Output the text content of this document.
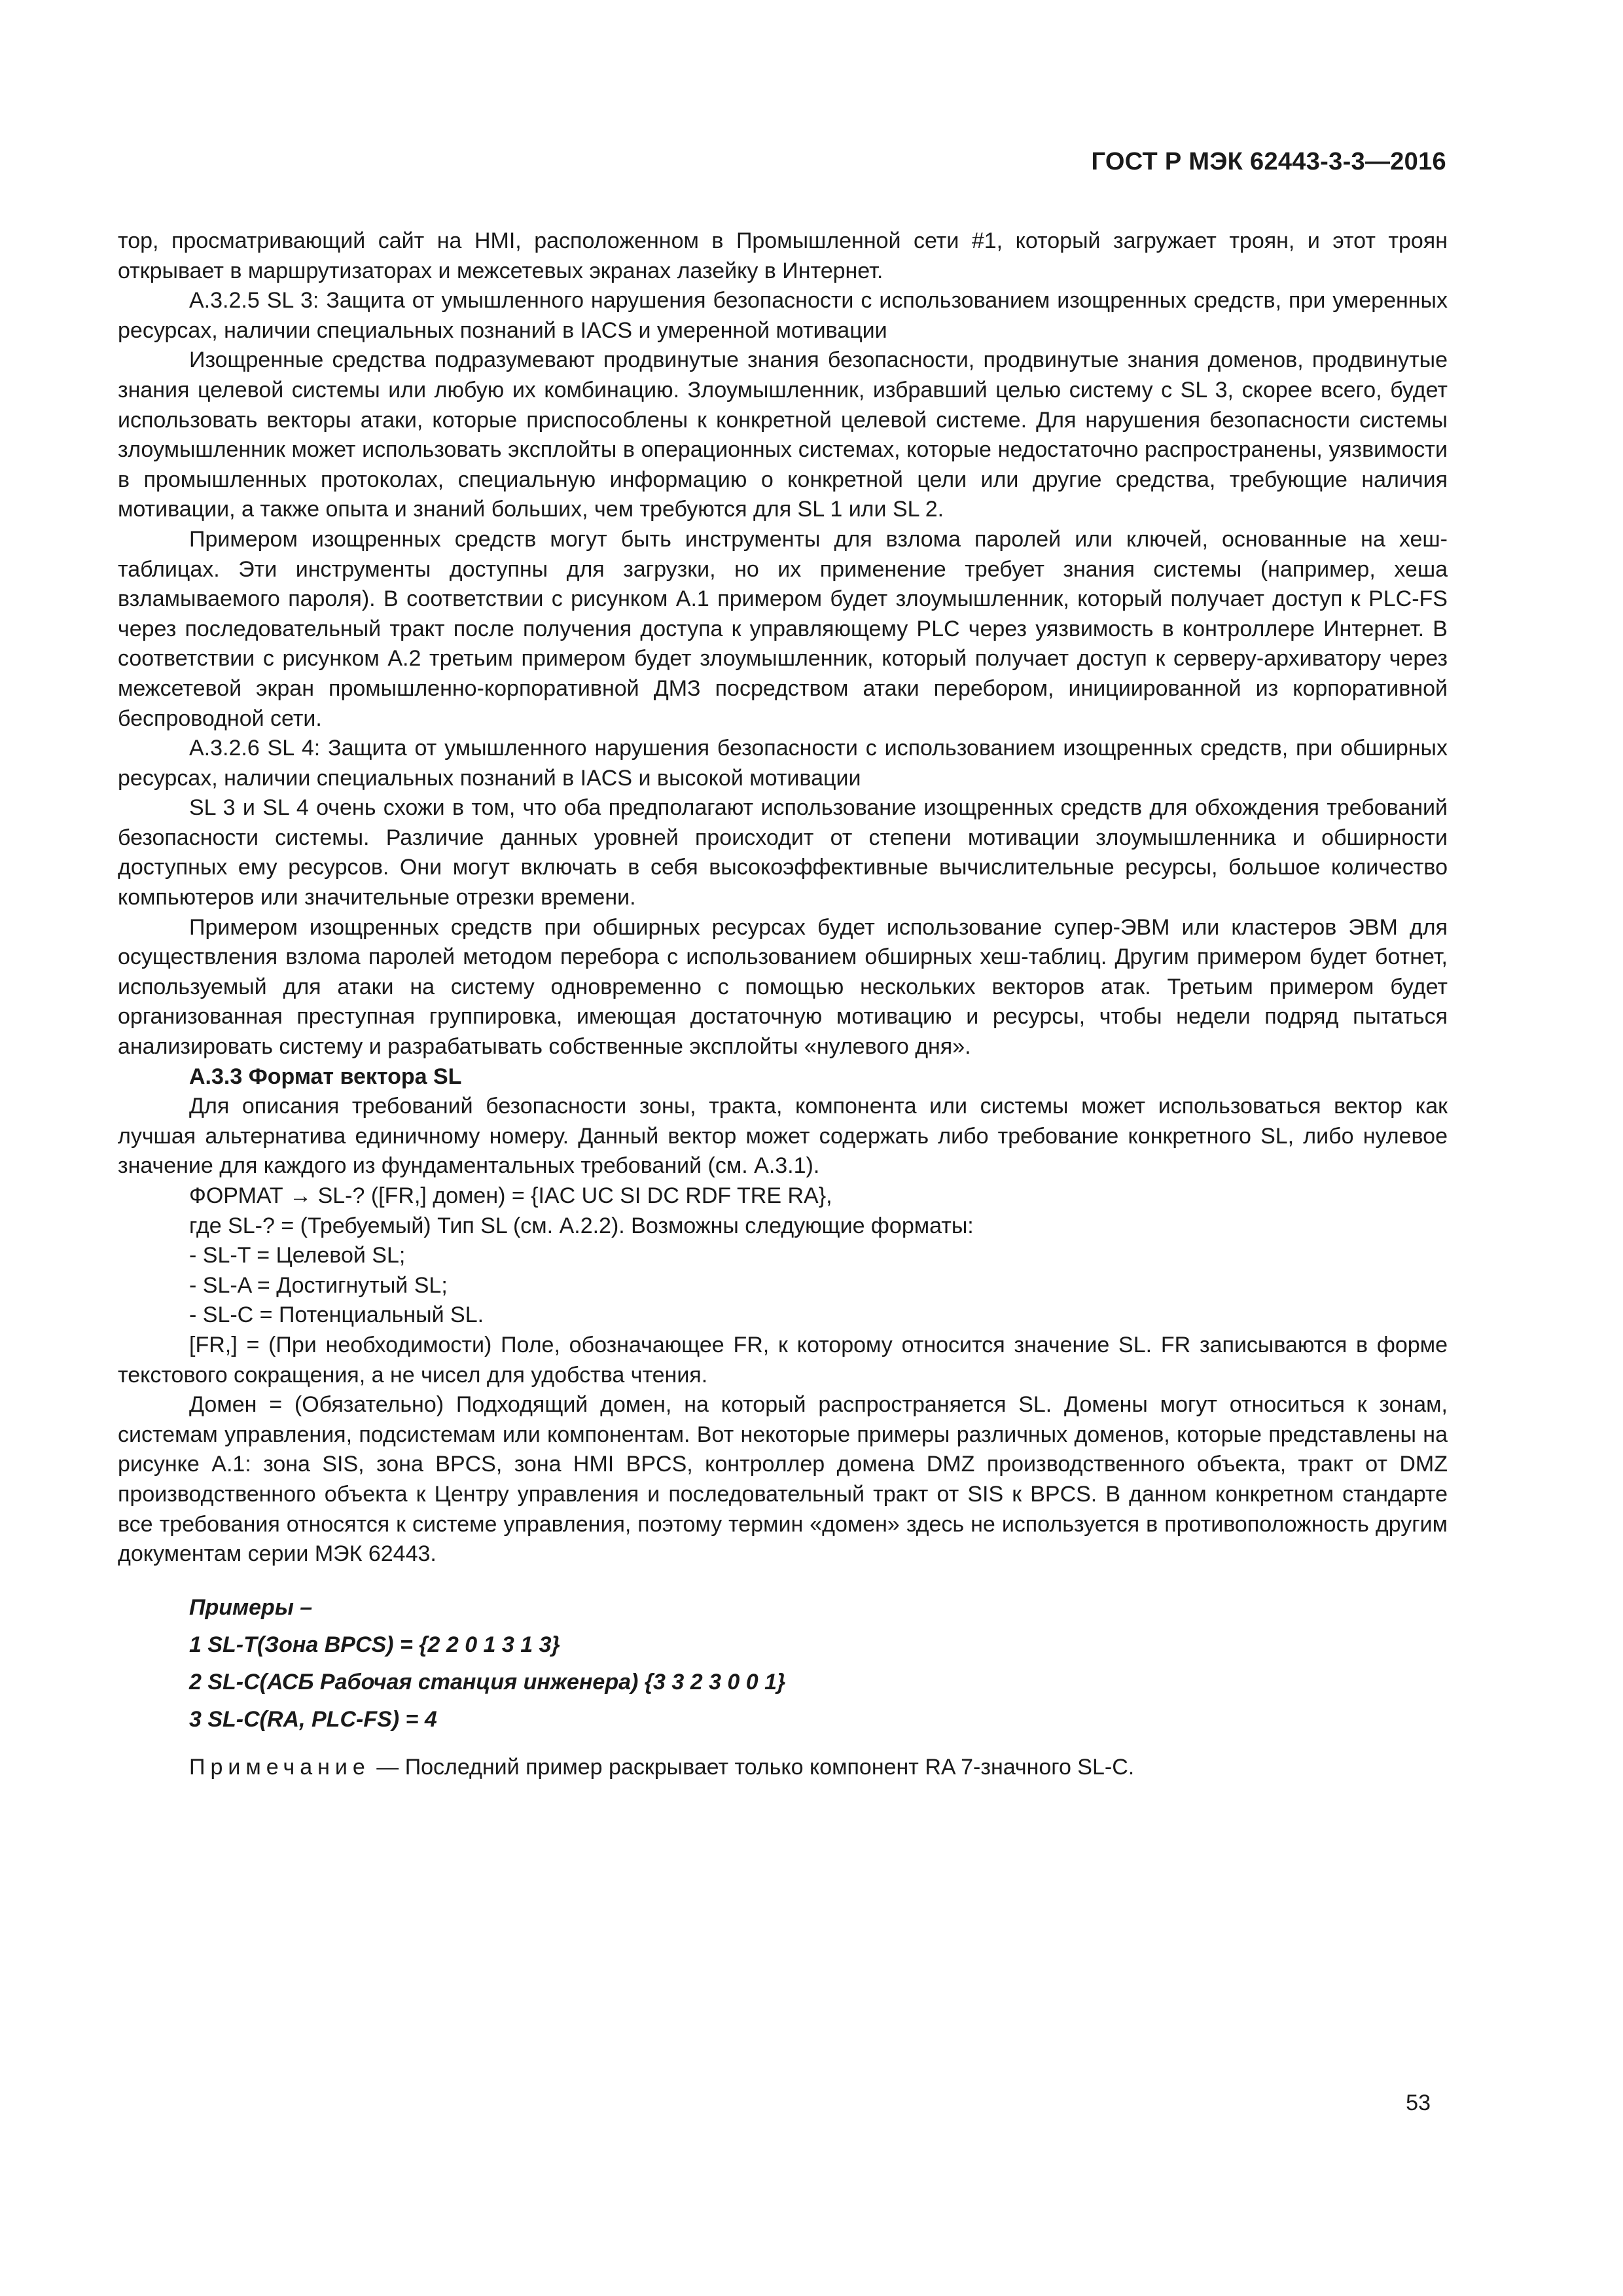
ГОСТ Р МЭК 62443-3-3—2016

тор, просматривающий сайт на HMI, расположенном в Промышленной сети #1, который загружает троян, и этот троян открывает в маршрутизаторах и межсетевых экранах лазейку в Интернет.

A.3.2.5 SL 3: Защита от умышленного нарушения безопасности с использованием изощренных средств, при умеренных ресурсах, наличии специальных познаний в IACS и умеренной мотивации

Изощренные средства подразумевают продвинутые знания безопасности, продвинутые знания доменов, продвинутые знания целевой системы или любую их комбинацию. Злоумышленник, избравший целью систему с SL 3, скорее всего, будет использовать векторы атаки, которые приспособлены к конкретной целевой системе. Для нарушения безопасности системы злоумышленник может использовать эксплойты в операционных системах, которые недостаточно распространены, уязвимости в промышленных протоколах, специальную информацию о конкретной цели или другие средства, требующие наличия мотивации, а также опыта и знаний больших, чем требуются для SL 1 или SL 2.

Примером изощренных средств могут быть инструменты для взлома паролей или ключей, основанные на хеш-таблицах. Эти инструменты доступны для загрузки, но их применение требует знания системы (например, хеша взламываемого пароля). В соответствии с рисунком A.1 примером будет злоумышленник, который получает доступ к PLC-FS через последовательный тракт после получения доступа к управляющему PLC через уязвимость в контроллере Интернет. В соответствии с рисунком A.2 третьим примером будет злоумышленник, который получает доступ к серверу-архиватору через межсетевой экран промышленно-корпоративной ДМЗ посредством атаки перебором, инициированной из корпоративной беспроводной сети.

A.3.2.6 SL 4: Защита от умышленного нарушения безопасности с использованием изощренных средств, при обширных ресурсах, наличии специальных познаний в IACS и высокой мотивации

SL 3 и SL 4 очень схожи в том, что оба предполагают использование изощренных средств для обхождения требований безопасности системы. Различие данных уровней происходит от степени мотивации злоумышленника и обширности доступных ему ресурсов. Они могут включать в себя высокоэффективные вычислительные ресурсы, большое количество компьютеров или значительные отрезки времени.

Примером изощренных средств при обширных ресурсах будет использование супер-ЭВМ или кластеров ЭВМ для осуществления взлома паролей методом перебора с использованием обширных хеш-таблиц. Другим примером будет ботнет, используемый для атаки на систему одновременно с помощью нескольких векторов атак. Третьим примером будет организованная преступная группировка, имеющая достаточную мотивацию и ресурсы, чтобы недели подряд пытаться анализировать систему и разрабатывать собственные эксплойты «нулевого дня».

A.3.3 Формат вектора SL

Для описания требований безопасности зоны, тракта, компонента или системы может использоваться вектор как лучшая альтернатива единичному номеру. Данный вектор может содержать либо требование конкретного SL, либо нулевое значение для каждого из фундаментальных требований (см. A.3.1).

ФОРМАТ → SL-? ([FR,] домен) = {IAC UC SI DC RDF TRE RA},

где SL-? = (Требуемый) Тип SL (см. A.2.2). Возможны следующие форматы:

- SL-T = Целевой SL;

- SL-A = Достигнутый SL;

- SL-C = Потенциальный SL.

[FR,] = (При необходимости) Поле, обозначающее FR, к которому относится значение SL. FR записываются в форме текстового сокращения, а не чисел для удобства чтения.

Домен = (Обязательно) Подходящий домен, на который распространяется SL. Домены могут относиться к зонам, системам управления, подсистемам или компонентам. Вот некоторые примеры различных доменов, которые представлены на рисунке A.1: зона SIS, зона BPCS, зона HMI BPCS, контроллер домена DMZ производственного объекта, тракт от DMZ производственного объекта к Центру управления и последовательный тракт от SIS к BPCS. В данном конкретном стандарте все требования относятся к системе управления, поэтому термин «домен» здесь не используется в противоположность другим документам серии МЭК 62443.

Примеры –

1 SL-T(Зона BPCS) = {2 2 0 1 3 1 3}

2 SL-C(АСБ Рабочая станция инженера) {3 3 2 3 0 0 1}

3 SL-C(RA, PLC-FS) = 4

Примечание — Последний пример раскрывает только компонент RA 7-значного SL-C.

53
